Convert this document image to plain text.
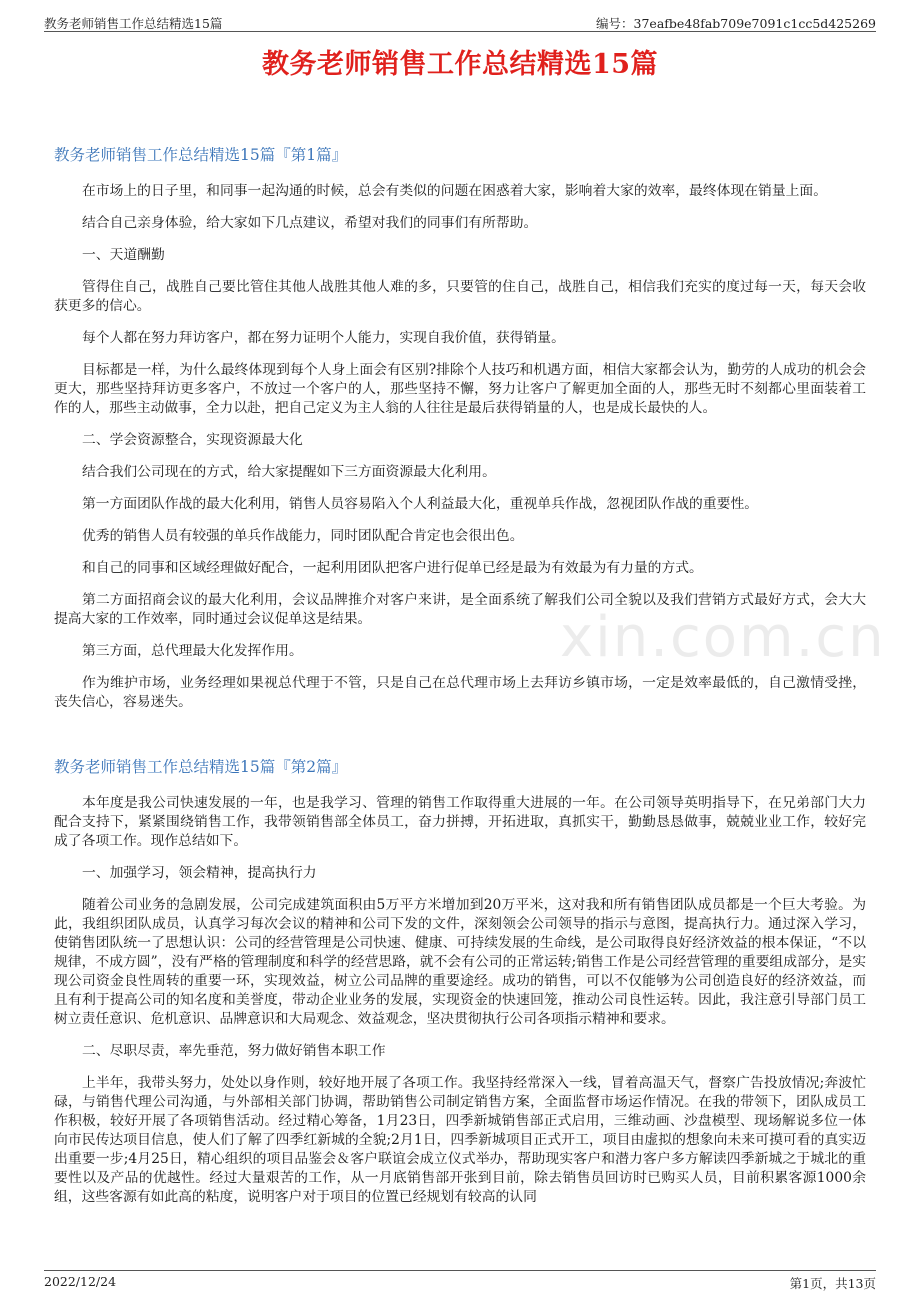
教务老师销售工作总结精选15篇	编号：37eafbe48fab709e7091c1cc5d425269
教务老师销售工作总结精选15篇
xin.com.cn
教务老师销售工作总结精选15篇『第1篇』

在市场上的日子里，和同事一起沟通的时候，总会有类似的问题在困惑着大家，影响着大家的效率，最终体现在销量上面。

结合自己亲身体验，给大家如下几点建议，希望对我们的同事们有所帮助。

一、天道酬勤

管得住自己，战胜自己要比管住其他人战胜其他人难的多，只要管的住自己，战胜自己，相信我们充实的度过每一天，每天会收获更多的信心。

每个人都在努力拜访客户，都在努力证明个人能力，实现自我价值，获得销量。

目标都是一样，为什么最终体现到每个人身上面会有区别?排除个人技巧和机遇方面，相信大家都会认为，勤劳的人成功的机会会更大，那些坚持拜访更多客户，不放过一个客户的人，那些坚持不懈，努力让客户了解更加全面的人，那些无时不刻都心里面装着工作的人，那些主动做事，全力以赴，把自己定义为主人翁的人往往是最后获得销量的人，也是成长最快的人。

二、学会资源整合，实现资源最大化

结合我们公司现在的方式，给大家提醒如下三方面资源最大化利用。

第一方面团队作战的最大化利用，销售人员容易陷入个人利益最大化，重视单兵作战，忽视团队作战的重要性。

优秀的销售人员有较强的单兵作战能力，同时团队配合肯定也会很出色。

和自己的同事和区域经理做好配合，一起利用团队把客户进行促单已经是最为有效最为有力量的方式。

第二方面招商会议的最大化利用，会议品牌推介对客户来讲，是全面系统了解我们公司全貌以及我们营销方式最好方式，会大大提高大家的工作效率，同时通过会议促单这是结果。

第三方面，总代理最大化发挥作用。

作为维护市场，业务经理如果视总代理于不管，只是自己在总代理市场上去拜访乡镇市场，一定是效率最低的，自己激情受挫，丧失信心，容易迷失。

教务老师销售工作总结精选15篇『第2篇』

本年度是我公司快速发展的一年，也是我学习、管理的销售工作取得重大进展的一年。在公司领导英明指导下，在兄弟部门大力配合支持下，紧紧围绕销售工作，我带领销售部全体员工，奋力拼搏，开拓进取，真抓实干，勤勤恳恳做事，兢兢业业工作，较好完成了各项工作。现作总结如下。

一、加强学习，领会精神，提高执行力

随着公司业务的急剧发展，公司完成建筑面积由5万平方米增加到20万平米，这对我和所有销售团队成员都是一个巨大考验。为此，我组织团队成员，认真学习每次会议的精神和公司下发的文件，深刻领会公司领导的指示与意图，提高执行力。通过深入学习，使销售团队统一了思想认识：公司的经营管理是公司快速、健康、可持续发展的生命线，是公司取得良好经济效益的根本保证，“不以规律，不成方圆”，没有严格的管理制度和科学的经营思路，就不会有公司的正常运转;销售工作是公司经营管理的重要组成部分，是实现公司资金良性周转的重要一环，实现效益，树立公司品牌的重要途经。成功的销售，可以不仅能够为公司创造良好的经济效益，而且有利于提高公司的知名度和美誉度，带动企业业务的发展，实现资金的快速回笼，推动公司良性运转。因此，我注意引导部门员工树立责任意识、危机意识、品牌意识和大局观念、效益观念，坚决贯彻执行公司各项指示精神和要求。

二、尽职尽责，率先垂范，努力做好销售本职工作

上半年，我带头努力，处处以身作则，较好地开展了各项工作。我坚持经常深入一线，冒着高温天气，督察广告投放情况;奔波忙碌，与销售代理公司沟通，与外部相关部门协调，帮助销售公司制定销售方案，全面监督市场运作情况。在我的带领下，团队成员工作积极，较好开展了各项销售活动。经过精心筹备，1月23日，四季新城销售部正式启用，三维动画、沙盘模型、现场解说多位一体向市民传达项目信息，使人们了解了四季红新城的全貌;2月1日，四季新城项目正式开工，项目由虚拟的想象向未来可摸可看的真实迈出重要一步;4月25日，精心组织的项目品鉴会＆客户联谊会成立仪式举办，帮助现实客户和潜力客户多方解读四季新城之于城北的重要性以及产品的优越性。经过大量艰苦的工作，从一月底销售部开张到目前，除去销售员回访时已购买人员，目前积累客源1000余组，这些客源有如此高的粘度，说明客户对于项目的位置已经规划有较高的认同

2022/12/24	第1页，共13页
